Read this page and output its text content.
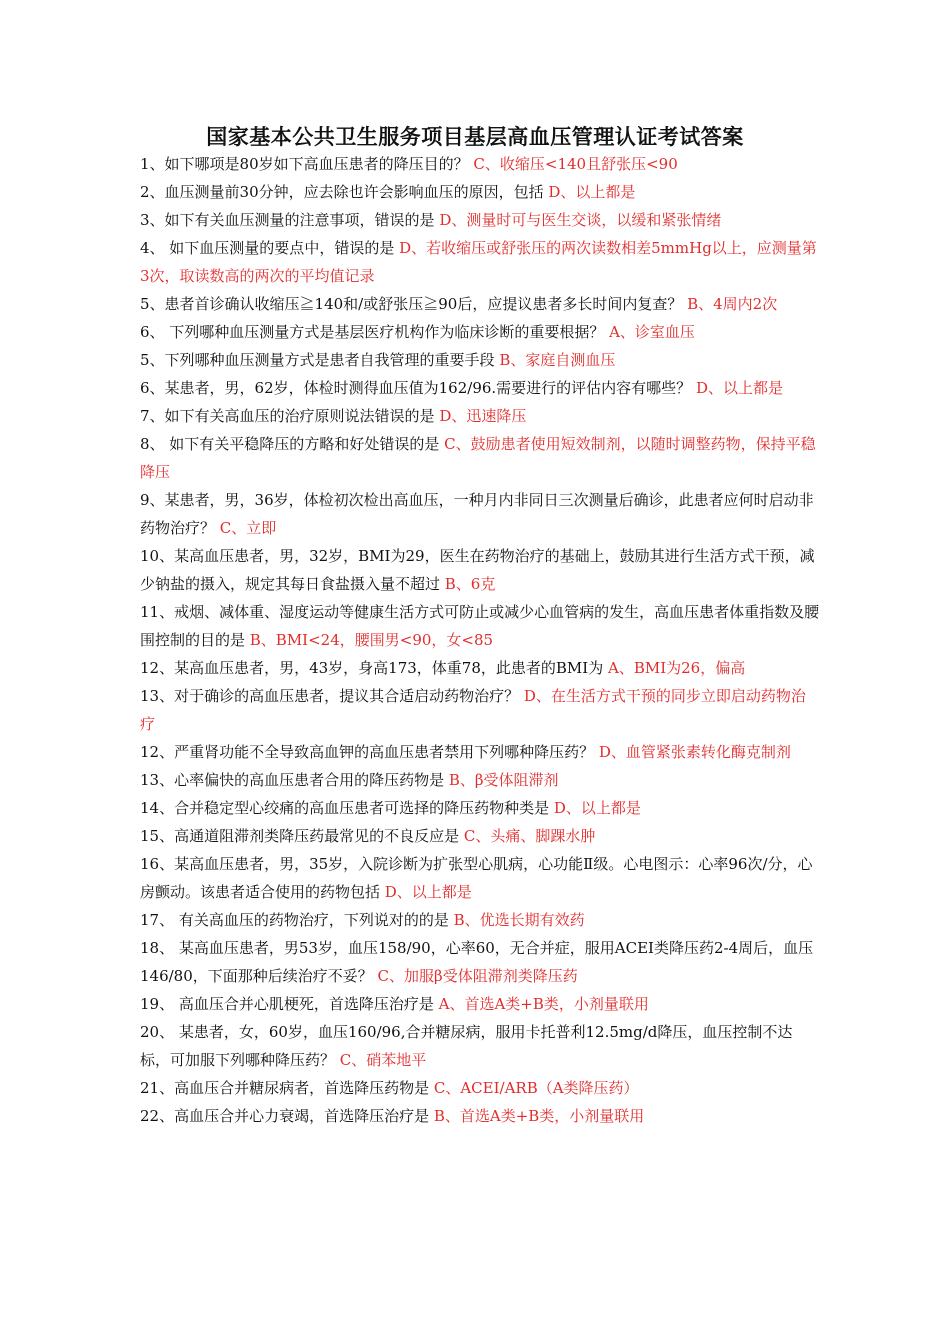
国家基本公共卫生服务项目基层高血压管理认证考试答案

1、如下哪项是80岁如下高血压患者的降压目的？ C、收缩压<140且舒张压<90

2、血压测量前30分钟，应去除也许会影响血压的原因，包括 D、以上都是

3、如下有关血压测量的注意事项，错误的是 D、测量时可与医生交谈，以缓和紧张情绪

4、 如下血压测量的要点中，错误的是 D、若收缩压或舒张压的两次读数相差5mmHg以上，应测量第3次，取读数高的两次的平均值记录

5、患者首诊确认收缩压≧140和/或舒张压≧90后，应提议患者多长时间内复查？ B、4周内2次

6、 下列哪种血压测量方式是基层医疗机构作为临床诊断的重要根据？ A、诊室血压

5、下列哪种血压测量方式是患者自我管理的重要手段 B、家庭自测血压

6、某患者，男，62岁，体检时测得血压值为162/96.需要进行的评估内容有哪些？ D、以上都是

7、如下有关高血压的治疗原则说法错误的是 D、迅速降压

8、 如下有关平稳降压的方略和好处错误的是 C、鼓励患者使用短效制剂，以随时调整药物，保持平稳降压

9、某患者，男，36岁，体检初次检出高血压，一种月内非同日三次测量后确诊，此患者应何时启动非药物治疗？ C、立即

10、某高血压患者，男，32岁，BMI为29，医生在药物治疗的基础上，鼓励其进行生活方式干预，减少钠盐的摄入，规定其每日食盐摄入量不超过 B、6克

11、戒烟、减体重、湿度运动等健康生活方式可防止或减少心血管病的发生，高血压患者体重指数及腰围控制的目的是 B、BMI<24，腰围男<90，女<85

12、某高血压患者，男，43岁，身高173，体重78，此患者的BMI为 A、BMI为26，偏高

13、对于确诊的高血压患者，提议其合适启动药物治疗？ D、在生活方式干预的同步立即启动药物治疗

12、严重肾功能不全导致高血钾的高血压患者禁用下列哪种降压药？ D、血管紧张素转化酶克制剂

13、心率偏快的高血压患者合用的降压药物是 B、β受体阻滞剂

14、合并稳定型心绞痛的高血压患者可选择的降压药物种类是 D、以上都是

15、高通道阻滞剂类降压药最常见的不良反应是 C、头痛、脚踝水肿

16、某高血压患者，男，35岁，入院诊断为扩张型心肌病，心功能Ⅱ级。心电图示：心率96次/分，心房颤动。该患者适合使用的药物包括 D、以上都是

17、 有关高血压的药物治疗，下列说对的的是 B、优选长期有效药

18、 某高血压患者，男53岁，血压158/90，心率60，无合并症，服用ACEI类降压药2-4周后，血压146/80，下面那种后续治疗不妥？ C、加服β受体阻滞剂类降压药

19、 高血压合并心肌梗死，首选降压治疗是 A、首选A类+B类，小剂量联用

20、 某患者，女，60岁，血压160/96,合并糖尿病，服用卡托普利12.5mg/d降压，血压控制不达标，可加服下列哪种降压药？ C、硝苯地平

21、高血压合并糖尿病者，首选降压药物是 C、ACEI/ARB（A类降压药）

22、高血压合并心力衰竭，首选降压治疗是 B、首选A类+B类，小剂量联用
